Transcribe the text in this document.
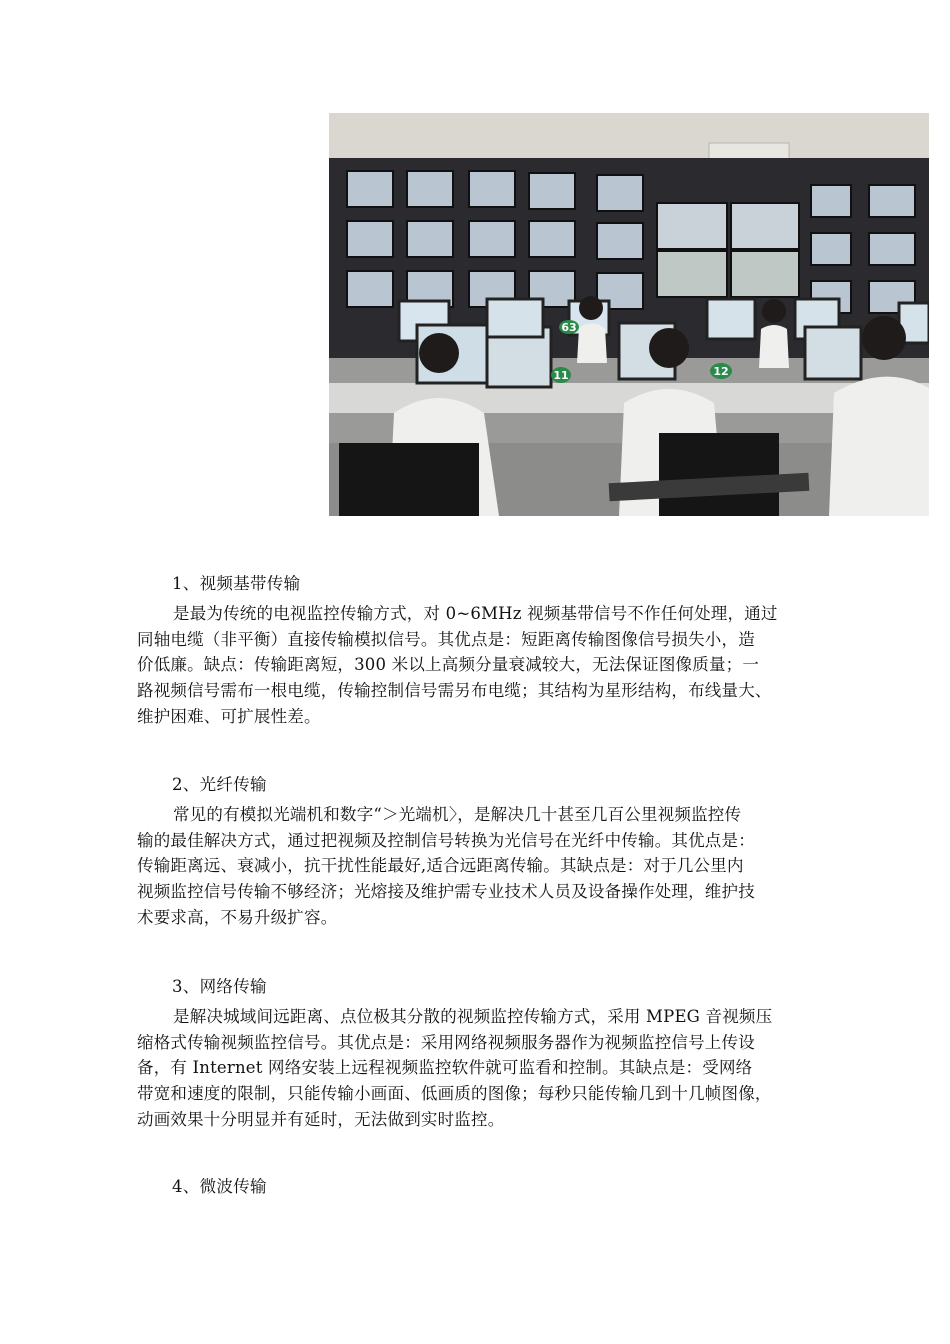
63
11	12
1、视频基带传输

是最为传统的电视监控传输方式，对 0~6MHz 视频基带信号不作任何处理，通过
同轴电缆（非平衡）直接传输模拟信号。其优点是：短距离传输图像信号损失小，造
价低廉。缺点：传输距离短，300 米以上高频分量衰减较大，无法保证图像质量；一
路视频信号需布一根电缆，传输控制信号需另布电缆；其结构为星形结构，布线量大、
维护困难、可扩展性差。

2、光纤传输

常见的有模拟光端机和数字“＞光端机〉，是解决几十甚至几百公里视频监控传
输的最佳解决方式，通过把视频及控制信号转换为光信号在光纤中传输。其优点是：
传输距离远、衰减小，抗干扰性能最好,适合远距离传输。其缺点是：对于几公里内
视频监控信号传输不够经济；光熔接及维护需专业技术人员及设备操作处理，维护技
术要求高，不易升级扩容。

3、网络传输

是解决城域间远距离、点位极其分散的视频监控传输方式，采用 MPEG 音视频压
缩格式传输视频监控信号。其优点是：采用网络视频服务器作为视频监控信号上传设
备，有 Internet 网络安装上远程视频监控软件就可监看和控制。其缺点是：受网络
带宽和速度的限制，只能传输小画面、低画质的图像；每秒只能传输几到十几帧图像，
动画效果十分明显并有延时，无法做到实时监控。

4、微波传输
